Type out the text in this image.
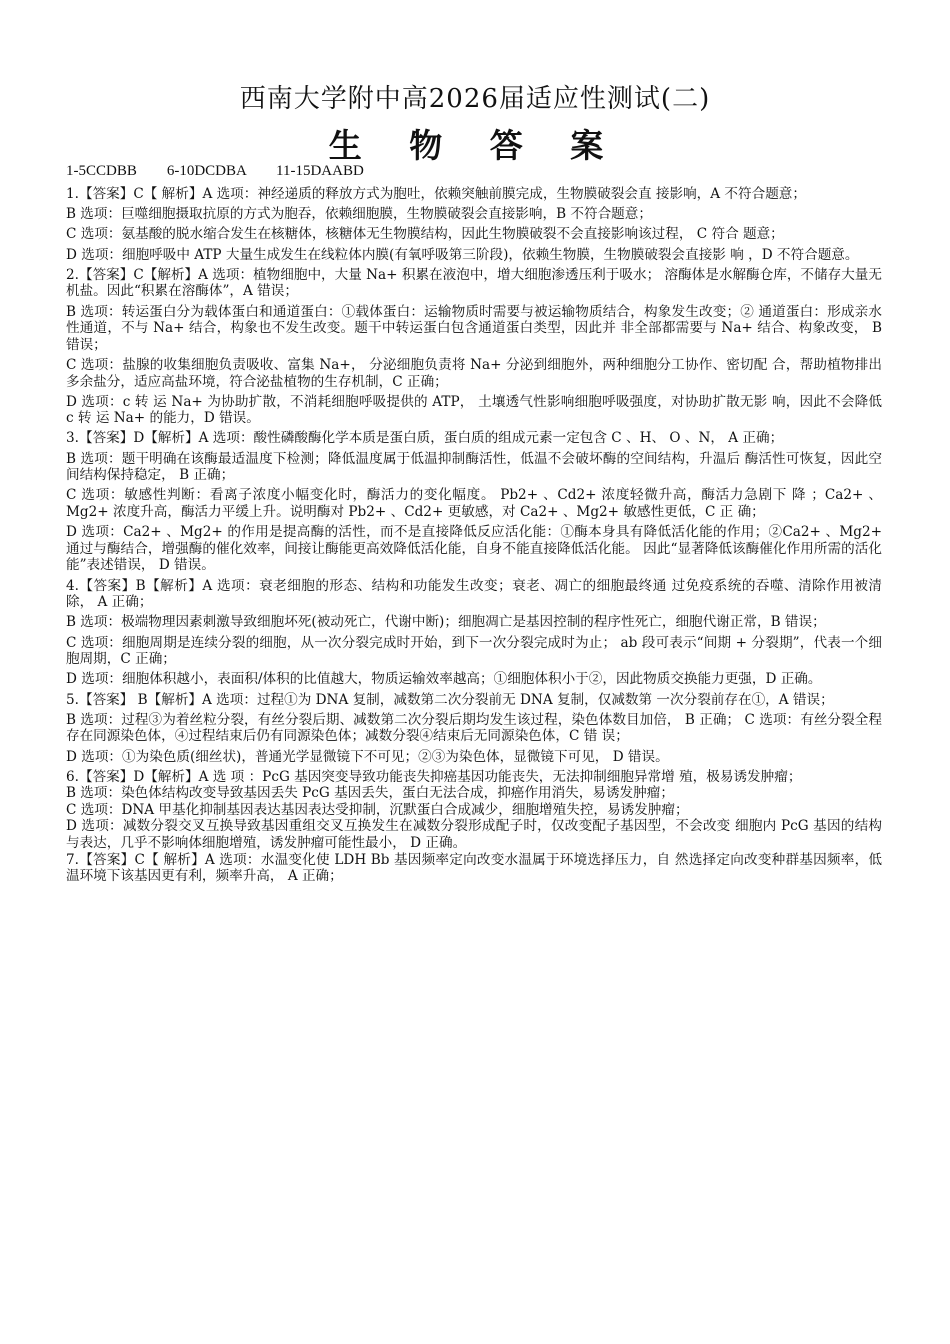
西南大学附中高2026届适应性测试(二)
生 物 答 案
1-5CCDBB        6-10DCDBA        11-15DAABD

1.【答案】C【 解析】A 选项：神经递质的释放方式为胞吐，依赖突触前膜完成，生物膜破裂会直 接影响，A 不符合题意；

B 选项：巨噬细胞摄取抗原的方式为胞吞，依赖细胞膜，生物膜破裂会直接影响，B 不符合题意；

C 选项：氨基酸的脱水缩合发生在核糖体，核糖体无生物膜结构，因此生物膜破裂不会直接影响该过程， C 符合 题意；

D 选项：细胞呼吸中 ATP 大量生成发生在线粒体内膜(有氧呼吸第三阶段)，依赖生物膜，生物膜破裂会直接影 响 ，D 不符合题意。

2.【答案】C【解析】A 选项：植物细胞中，大量 Na+ 积累在液泡中，增大细胞渗透压利于吸水； 溶酶体是水解酶仓库，不储存大量无机盐。因此“积累在溶酶体”，A 错误；

B 选项：转运蛋白分为载体蛋白和通道蛋白：①载体蛋白：运输物质时需要与被运输物质结合，构象发生改变；② 通道蛋白：形成亲水性通道，不与 Na+ 结合，构象也不发生改变。题干中转运蛋白包含通道蛋白类型，因此并 非全部都需要与 Na+ 结合、构象改变， B 错误；

C 选项：盐腺的收集细胞负责吸收、富集 Na+， 分泌细胞负责将 Na+ 分泌到细胞外，两种细胞分工协作、密切配 合，帮助植物排出多余盐分，适应高盐环境，符合泌盐植物的生存机制，C 正确；

D 选项：c 转 运 Na+ 为协助扩散，不消耗细胞呼吸提供的 ATP， 土壤透气性影响细胞呼吸强度，对协助扩散无影 响，因此不会降低 c 转 运 Na+ 的能力，D 错误。

3.【答案】D【解析】A 选项：酸性磷酸酶化学本质是蛋白质，蛋白质的组成元素一定包含 C 、H、 O 、N， A 正确；

B 选项：题干明确在该酶最适温度下检测；降低温度属于低温抑制酶活性，低温不会破坏酶的空间结构，升温后 酶活性可恢复，因此空间结构保持稳定， B 正确；

C 选项：敏感性判断：看离子浓度小幅变化时，酶活力的变化幅度。 Pb2+ 、Cd2+ 浓度轻微升高，酶活力急剧下 降 ；Ca2+ 、Mg2+ 浓度升高，酶活力平缓上升。说明酶对 Pb2+ 、Cd2+ 更敏感，对 Ca2+ 、Mg2+ 敏感性更低，C 正 确；

D 选项：Ca2+ 、Mg2+ 的作用是提高酶的活性，而不是直接降低反应活化能：①酶本身具有降低活化能的作用；②Ca2+ 、Mg2+ 通过与酶结合，增强酶的催化效率，间接让酶能更高效降低活化能，自身不能直接降低活化能。 因此“显著降低该酶催化作用所需的活化能”表述错误， D 错误。

4.【答案】B【解析】A 选项：衰老细胞的形态、结构和功能发生改变；衰老、凋亡的细胞最终通 过免疫系统的吞噬、清除作用被清除， A 正确；

B 选项：极端物理因素刺激导致细胞坏死(被动死亡，代谢中断)；细胞凋亡是基因控制的程序性死亡，细胞代谢正常，B 错误；

C 选项：细胞周期是连续分裂的细胞，从一次分裂完成时开始，到下一次分裂完成时为止； ab 段可表示“间期 + 分裂期”，代表一个细胞周期，C 正确；

D 选项：细胞体积越小，表面积/体积的比值越大，物质运输效率越高；①细胞体积小于②，因此物质交换能力更强，D 正确。

5.【答案】 B【解析】A 选项：过程①为 DNA 复制，减数第二次分裂前无 DNA 复制，仅减数第 一次分裂前存在①，A 错误；

B 选项：过程③为着丝粒分裂，有丝分裂后期、减数第二次分裂后期均发生该过程，染色体数目加倍， B 正确； C 选项：有丝分裂全程存在同源染色体，④过程结束后仍有同源染色体；减数分裂④结束后无同源染色体，C 错 误；

D 选项：①为染色质(细丝状)，普通光学显微镜下不可见；②③为染色体，显微镜下可见， D 错误。

6.【答案】D【解析】A 选 项 ：PcG 基因突变导致功能丧失抑癌基因功能丧失，无法抑制细胞异常增 殖，极易诱发肿瘤；

B 选项：染色体结构改变导致基因丢失 PcG 基因丢失，蛋白无法合成，抑癌作用消失，易诱发肿瘤；

C 选项：DNA 甲基化抑制基因表达基因表达受抑制，沉默蛋白合成减少，细胞增殖失控，易诱发肿瘤；

D 选项：减数分裂交叉互换导致基因重组交叉互换发生在减数分裂形成配子时，仅改变配子基因型，不会改变 细胞内 PcG 基因的结构与表达，几乎不影响体细胞增殖，诱发肿瘤可能性最小， D 正确。

7.【答案】C【 解析】A 选项：水温变化使 LDH Bb 基因频率定向改变水温属于环境选择压力，自 然选择定向改变种群基因频率，低温环境下该基因更有利，频率升高， A 正确；
